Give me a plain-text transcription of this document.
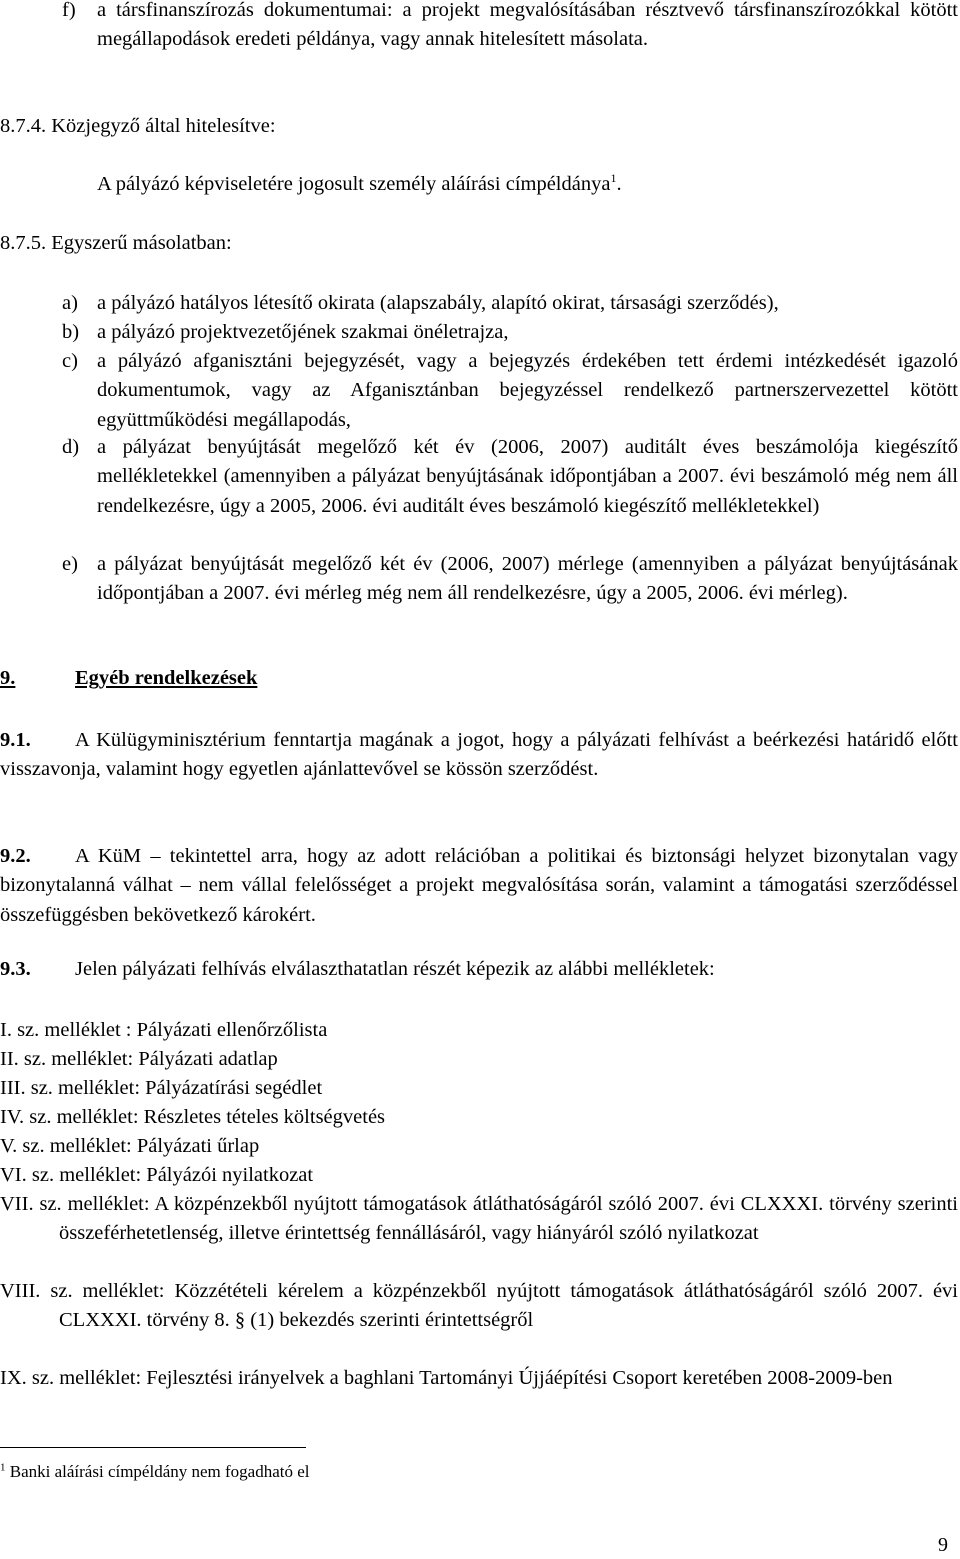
f) a társfinanszírozás dokumentumai: a projekt megvalósításában résztvevő társfinanszírozókkal kötött megállapodások eredeti példánya, vagy annak hitelesített másolata.
8.7.4. Közjegyző által hitelesítve:
A pályázó képviseletére jogosult személy aláírási címpéldánya$^1$.
8.7.5. Egyszerű másolatban:
a) a pályázó hatályos létesítő okirata (alapszabály, alapító okirat, társasági szerződés),
b) a pályázó projektvezetőjének szakmai önéletrajza,
c) a pályázó afganisztáni bejegyzését, vagy a bejegyzés érdekében tett érdemi intézkedését igazoló dokumentumok, vagy az Afganisztánban bejegyzéssel rendelkező partnerszervezettel kötött együttműködési megállapodás,
d) a pályázat benyújtását megelőző két év (2006, 2007) auditált éves beszámolója kiegészítő mellékletekkel (amennyiben a pályázat benyújtásának időpontjában a 2007. évi beszámoló még nem áll rendelkezésre, úgy a 2005, 2006. évi auditált éves beszámoló kiegészítő mellékletekkel)
e) a pályázat benyújtását megelőző két év (2006, 2007) mérlege (amennyiben a pályázat benyújtásának időpontjában a 2007. évi mérleg még nem áll rendelkezésre, úgy a 2005, 2006. évi mérleg).
9.	Egyéb rendelkezések
9.1. A Külügyminisztérium fenntartja magának a jogot, hogy a pályázati felhívást a beérkezési határidő előtt visszavonja, valamint hogy egyetlen ajánlattevővel se kössön szerződést.
9.2. A KüM – tekintettel arra, hogy az adott relációban a politikai és biztonsági helyzet bizonytalan vagy bizonytalanná válhat – nem vállal felelősséget a projekt megvalósítása során, valamint a támogatási szerződéssel összefüggésben bekövetkező károkért.
9.3. Jelen pályázati felhívás elválaszthatatlan részét képezik az alábbi mellékletek:
I. sz. melléklet : Pályázati ellenőrzőlista
II. sz. melléklet: Pályázati adatlap
III. sz. melléklet: Pályázatírási segédlet
IV. sz. melléklet: Részletes tételes költségvetés
V. sz. melléklet: Pályázati űrlap
VI. sz. melléklet: Pályázói nyilatkozat
VII. sz. melléklet: A közpénzekből nyújtott támogatások átláthatóságáról szóló 2007. évi CLXXXI. törvény szerinti összeférhetetlenség, illetve érintettség fennállásáról, vagy hiányáról szóló nyilatkozat
VIII. sz. melléklet: Közzétételi kérelem a közpénzekből nyújtott támogatások átláthatóságáról szóló 2007. évi CLXXXI. törvény 8. § (1) bekezdés szerinti érintettségről
IX. sz. melléklet: Fejlesztési irányelvek a baghlani Tartományi Újjáépítési Csoport keretében 2008-2009-ben
$^1$ Banki aláírási címpéldány nem fogadható el
9
